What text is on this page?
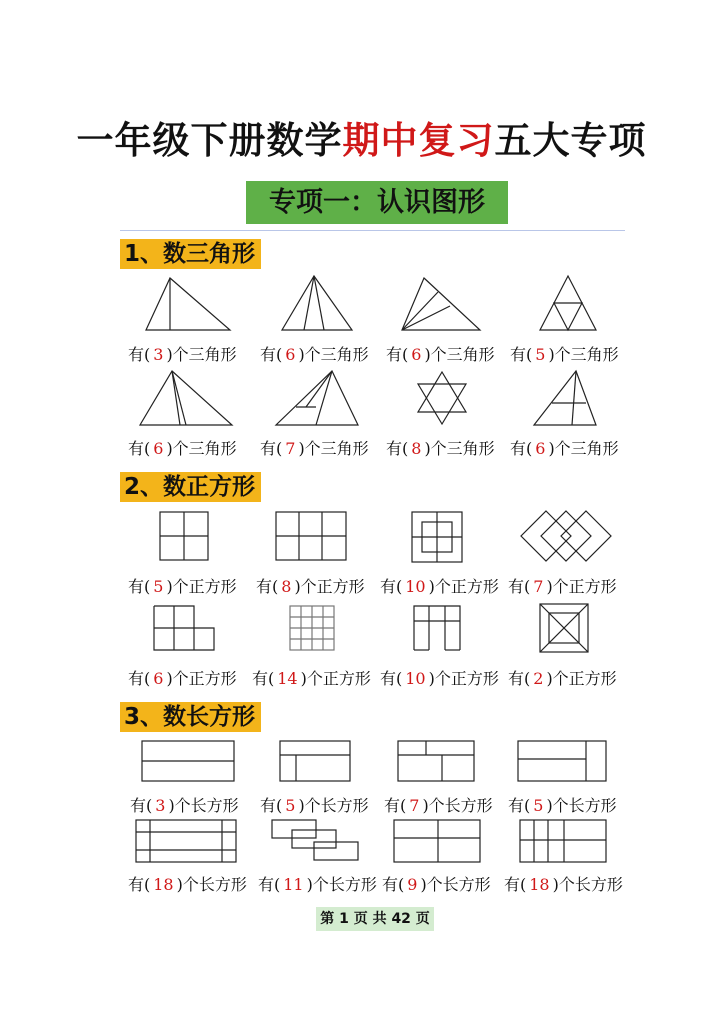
一年级下册数学期中复习五大专项
专项一：认识图形
1、数三角形
有( 3 )个三角形 有( 6 )个三角形 有( 6 )个三角形 有( 5 )个三角形
有( 6 )个三角形 有( 7 )个三角形 有( 8 )个三角形 有( 6 )个三角形
2、数正方形
有( 5 )个正方形 有( 8 )个正方形 有( 10 )个正方形 有( 7 )个正方形
有( 6 )个正方形 有( 14 )个正方形 有( 10 )个正方形 有( 2 )个正方形
3、数长方形
有( 3 )个长方形 有( 5 )个长方形 有( 7 )个长方形 有( 5 )个长方形
有( 18 )个长方形 有( 11 )个长方形 有( 9 )个长方形 有( 18 )个长方形
第 1 页 共 42 页
